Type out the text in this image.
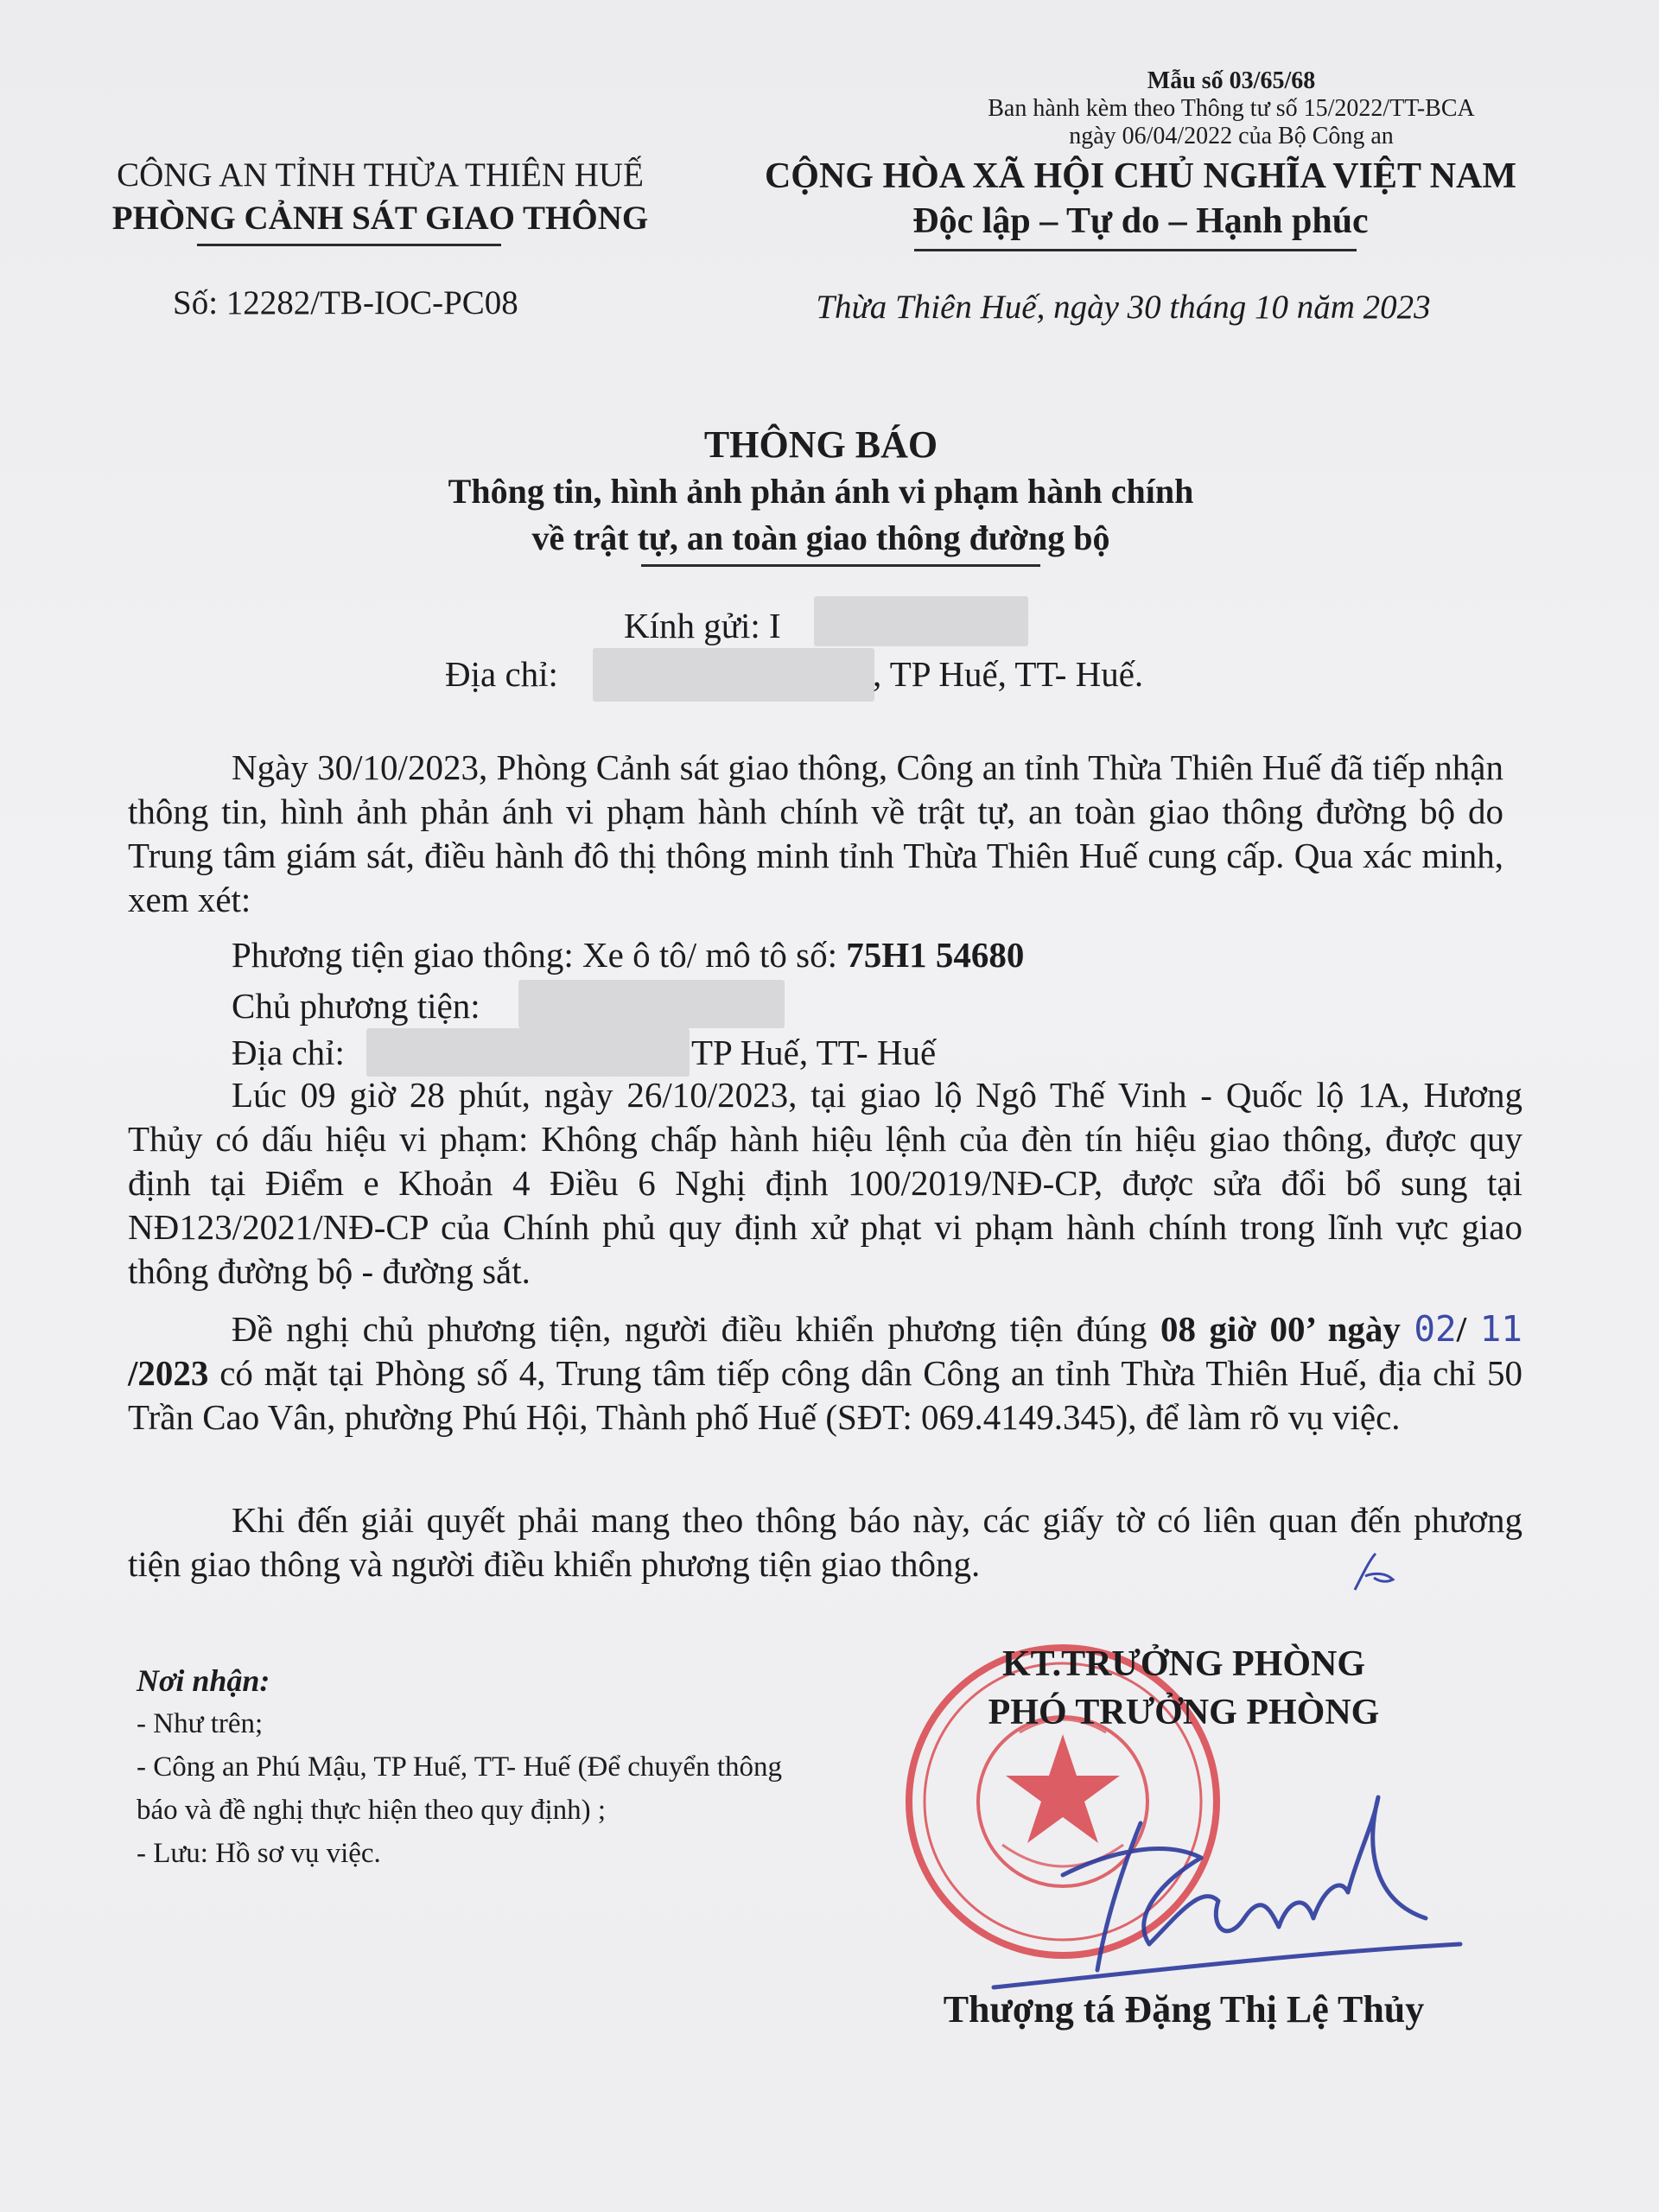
Mẫu số 03/65/68
Ban hành kèm theo Thông tư số 15/2022/TT-BCA
ngày 06/04/2022 của Bộ Công an
CÔNG AN TỈNH THỪA THIÊN HUẾ
PHÒNG CẢNH SÁT GIAO THÔNG
CỘNG HÒA XÃ HỘI CHỦ NGHĨA VIỆT NAM
Độc lập – Tự do – Hạnh phúc
Số: 12282/TB-IOC-PC08	Thừa Thiên Huế, ngày 30 tháng 10 năm 2023
THÔNG BÁO
Thông tin, hình ảnh phản ánh vi phạm hành chính
về trật tự, an toàn giao thông đường bộ
Kính gửi: I
Địa chỉ:	, TP Huế, TT- Huế.
Ngày 30/10/2023, Phòng Cảnh sát giao thông, Công an tỉnh Thừa Thiên Huế đã tiếp nhận thông tin, hình ảnh phản ánh vi phạm hành chính về trật tự, an toàn giao thông đường bộ do Trung tâm giám sát, điều hành đô thị thông minh tỉnh Thừa Thiên Huế cung cấp. Qua xác minh, xem xét:
Phương tiện giao thông: Xe ô tô/ mô tô số: 75H1 54680
Chủ phương tiện:
Địa chỉ:	TP Huế, TT- Huế
Lúc 09 giờ 28 phút, ngày 26/10/2023, tại giao lộ Ngô Thế Vinh - Quốc lộ 1A, Hương Thủy có dấu hiệu vi phạm: Không chấp hành hiệu lệnh của đèn tín hiệu giao thông, được quy định tại Điểm e Khoản 4 Điều 6 Nghị định 100/2019/NĐ-CP, được sửa đổi bổ sung tại NĐ123/2021/NĐ-CP của Chính phủ quy định xử phạt vi phạm hành chính trong lĩnh vực giao thông đường bộ - đường sắt.
Đề nghị chủ phương tiện, người điều khiển phương tiện đúng 08 giờ 00’ ngày 02/ 11 /2023 có mặt tại Phòng số 4, Trung tâm tiếp công dân Công an tỉnh Thừa Thiên Huế, địa chỉ 50 Trần Cao Vân, phường Phú Hội, Thành phố Huế (SĐT: 069.4149.345), để làm rõ vụ việc.
Khi đến giải quyết phải mang theo thông báo này, các giấy tờ có liên quan đến phương tiện giao thông và người điều khiển phương tiện giao thông.
Nơi nhận:
- Như trên;
- Công an Phú Mậu, TP Huế, TT- Huế (Để chuyển thông báo và đề nghị thực hiện theo quy định) ;
- Lưu: Hồ sơ vụ việc.
KT.TRƯỞNG PHÒNG
PHÓ TRƯỞNG PHÒNG
Thượng tá Đặng Thị Lệ Thủy
